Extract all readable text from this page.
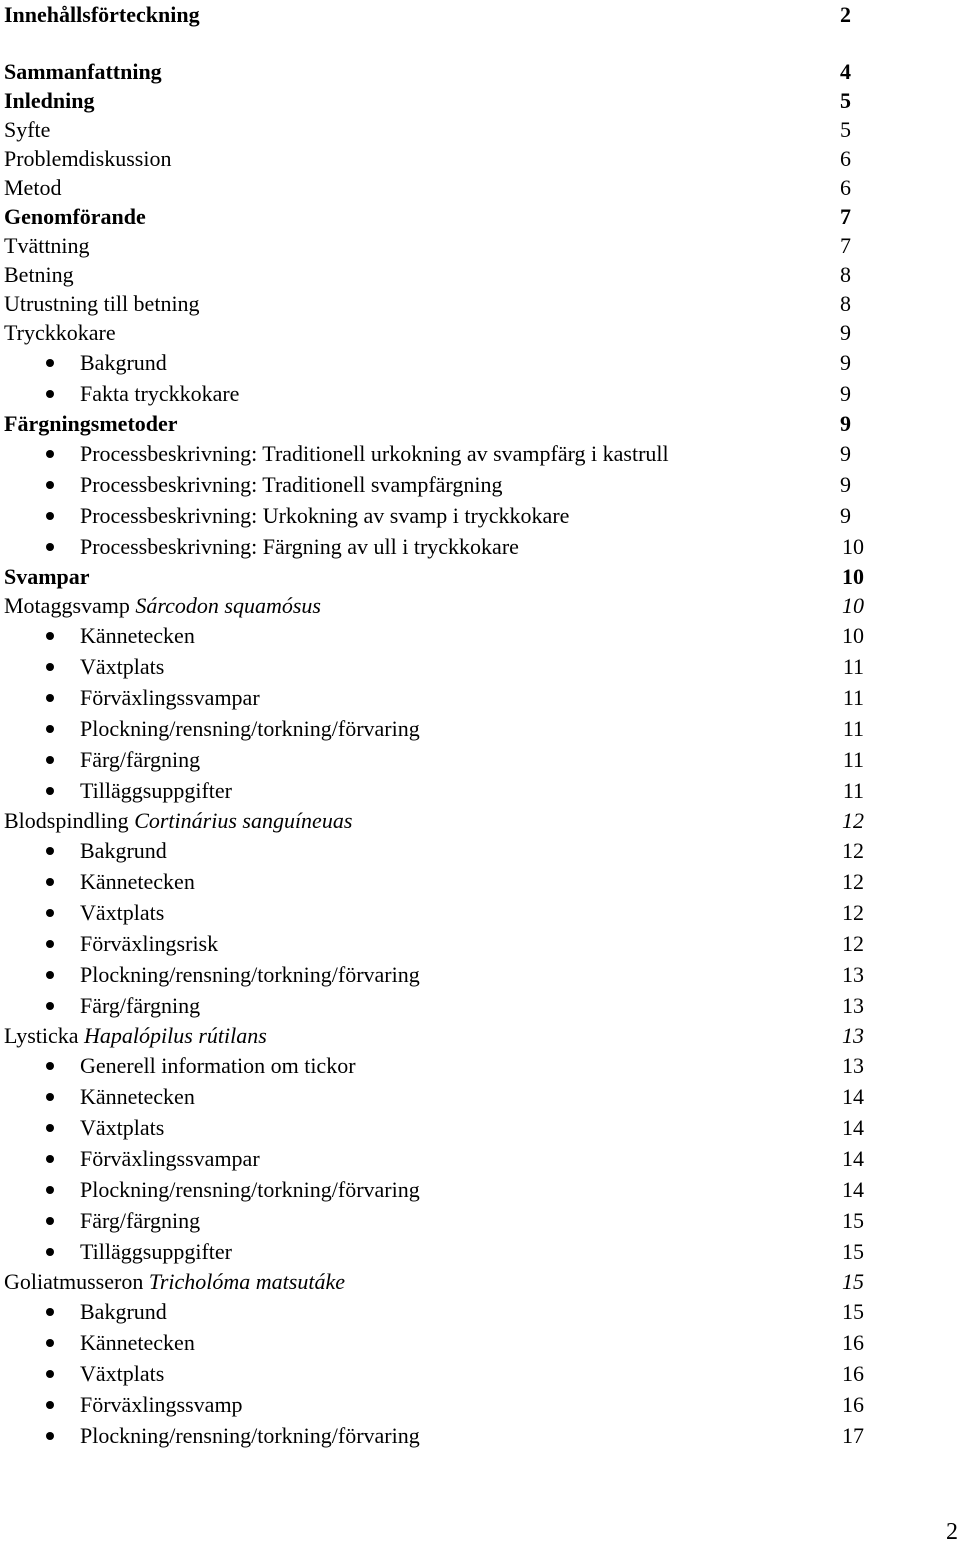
Innehållsförteckning	2
Sammanfattning	4
Inledning	5
Syfte	5
Problemdiskussion	6
Metod	6
Genomförande	7
Tvättning	7
Betning	8
Utrustning till betning	8
Tryckkokare	9
Bakgrund	9
Fakta tryckkokare	9
Färgningsmetoder	9
Processbeskrivning: Traditionell urkokning av svampfärg i kastrull	9
Processbeskrivning: Traditionell svampfärgning	9
Processbeskrivning: Urkokning av svamp i tryckkokare	9
Processbeskrivning: Färgning av ull i tryckkokare	10
Svampar	10
Motaggsvamp Sárcodon squamósus	10
Kännetecken	10
Växtplats	11
Förväxlingssvampar	11
Plockning/rensning/torkning/förvaring	11
Färg/färgning	11
Tilläggsuppgifter	11
Blodspindling Cortinárius sanguíneuas	12
Bakgrund	12
Kännetecken	12
Växtplats	12
Förväxlingsrisk	12
Plockning/rensning/torkning/förvaring	13
Färg/färgning	13
Lysticka Hapalópilus rútilans	13
Generell information om tickor	13
Kännetecken	14
Växtplats	14
Förväxlingssvampar	14
Plockning/rensning/torkning/förvaring	14
Färg/färgning	15
Tilläggsuppgifter	15
Goliatmusseron Tricholóma matsutáke	15
Bakgrund	15
Kännetecken	16
Växtplats	16
Förväxlingssvamp	16
Plockning/rensning/torkning/förvaring	17
2
